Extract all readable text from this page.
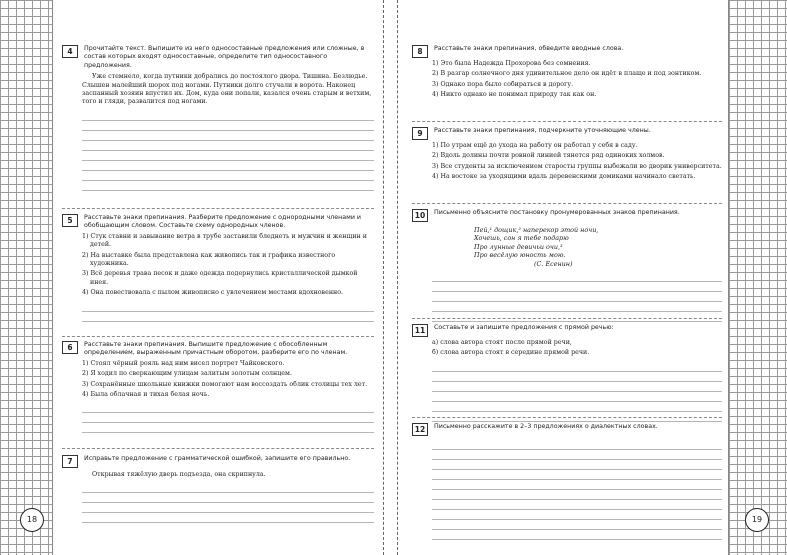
4	Прочитайте текст. Выпишите из него односоставные предложения или сложные, в состав которых входят односоставные, определите тип односоставного предложения.
Уже стемнело, когда путники добрались до постоялого двора. Тишина. Безлюдье. Слышен малейший шорох под ногами. Путники долго стучали в ворота. Наконец заспанный хозяин впустил их. Дом, куда они попали, казался очень старым и ветхим, того и гляди, развалится под ногами.
5	Расставьте знаки препинания. Разберите предложение с однородными членами и обобщающим словом. Составьте схему однородных членов.
1) Стук ставни и завывание ветра в трубе заставили бледнеть и мужчин и женщин и детей.
2) На выставке была представлена как живопись так и графика известного художника.
3) Всё деревья трава песок и даже одежда подернулись кристаллической дымкой инея.
4) Она повествовала с пылом живописно с увлечением местами вдохновенно.
6	Расставьте знаки препинания. Выпишите предложение с обособленным определением, выраженным причастным оборотом, разберите его по членам.
1) Стоял чёрный рояль над ним висел портрет Чайковского.
2) Я ходил по сверкающим улицам залитым золотым солнцем.
3) Сохранённые школьные книжки помогают нам воссоздать облик столицы тех лет.
4) Была облачная и тихая белая ночь.
7	Исправьте предложение с грамматической ошибкой, запишите его правильно.
Открывая тяжёлую дверь подъезда, она скрипнула.
18
8	Расставьте знаки препинания, обведите вводные слова.
1) Это была Надежда Прохорова без сомнения.
2) В разгар солнечного дня удивительное дело он идёт в плаще и под зонтиком.
3) Однако пора было собираться в дорогу.
4) Никто однако не понимал природу так как он.
9	Расставьте знаки препинания, подчеркните уточняющие члены.
1) По утрам ещё до ухода на работу он работал у себя в саду.
2) Вдоль долины почти ровной линией тянется ряд одиноких холмов.
3) Все студенты за исключением старосты группы выбежали во дворик университета.
4) На востоке за уходящими вдаль деревенскими домиками начинало светать.
10	Письменно объясните постановку пронумерованных знаков препинания.
Пей,¹ дощик,² наперекор этой ночи,
Хочешь, сон я тебе подарю
Про лунные девичьи очи,³
Про весёлую юность мою.
(С. Есенин)
11	Составьте и запишите предложения с прямой речью:
а) слова автора стоят после прямой речи,
б) слова автора стоят в середине прямой речи.
12	Письменно расскажите в 2–3 предложениях о диалектных словах.
19
